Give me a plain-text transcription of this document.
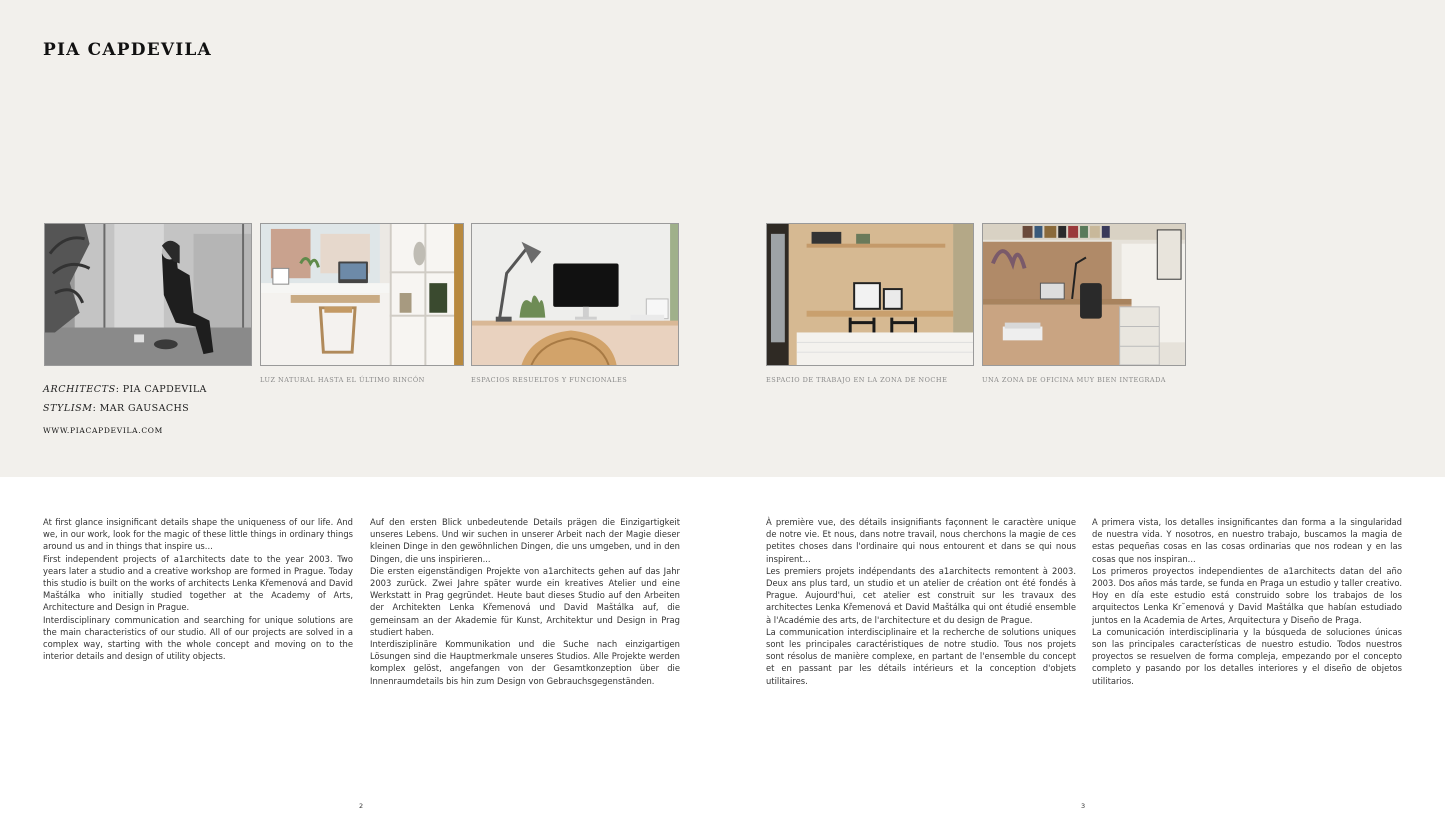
PIA CAPDEVILA
LUZ NATURAL HASTA EL ÚLTIMO RINCÓN	ESPACIOS RESUELTOS Y FUNCIONALES	ESPACIO DE TRABAJO EN LA ZONA DE NOCHE	UNA ZONA DE OFICINA MUY BIEN INTEGRADA
ARCHITECTS: PIA CAPDEVILA
STYLISM: MAR GAUSACHS
WWW.PIACAPDEVILA.COM

At first glance insignificant details shape the uniqueness of our life. And we, in our work, look for the magic of these little things in ordinary things around us and in things that inspire us...

First independent projects of a1architects date to the year 2003. Two years later a studio and a creative workshop are formed in Prague. Today this studio is built on the works of architects Lenka Křemenová and David Maštálka who initially studied together at the Academy of Arts, Architecture and Design in Prague.

Interdisciplinary communication and searching for unique solutions are the main characteristics of our studio. All of our projects are solved in a complex way, starting with the whole concept and moving on to the interior details and design of utility objects.

Auf den ersten Blick unbedeutende Details prägen die Einzigartigkeit unseres Lebens. Und wir suchen in unserer Arbeit nach der Magie dieser kleinen Dinge in den gewöhnlichen Dingen, die uns umgeben, und in den Dingen, die uns inspirieren...

Die ersten eigenständigen Projekte von a1architects gehen auf das Jahr 2003 zurück. Zwei Jahre später wurde ein kreatives Atelier und eine Werkstatt in Prag gegründet. Heute baut dieses Studio auf den Arbeiten der Architekten Lenka Křemenová und David Maštálka auf, die gemeinsam an der Akademie für Kunst, Architektur und Design in Prag studiert haben.

Interdisziplinäre Kommunikation und die Suche nach einzigartigen Lösungen sind die Hauptmerkmale unseres Studios. Alle Projekte werden komplex gelöst, angefangen von der Gesamtkonzeption über die Innenraumdetails bis hin zum Design von Gebrauchsgegenständen.

À première vue, des détails insignifiants façonnent le caractère unique de notre vie. Et nous, dans notre travail, nous cherchons la magie de ces petites choses dans l'ordinaire qui nous entourent et dans se qui nous inspirent...

Les premiers projets indépendants des a1architects remontent à 2003. Deux ans plus tard, un studio et un atelier de création ont été fondés à Prague. Aujourd'hui, cet atelier est construit sur les travaux des architectes Lenka Křemenová et David Maštálka qui ont étudié ensemble à l'Académie des arts, de l'architecture et du design de Prague.

La communication interdisciplinaire et la recherche de solutions uniques sont les principales caractéristiques de notre studio. Tous nos projets sont résolus de manière complexe, en partant de l'ensemble du concept et en passant par les détails intérieurs et la conception d'objets utilitaires.

A primera vista, los detalles insignificantes dan forma a la singularidad de nuestra vida. Y nosotros, en nuestro trabajo, buscamos la magia de estas pequeñas cosas en las cosas ordinarias que nos rodean y en las cosas que nos inspiran...

Los primeros proyectos independientes de a1architects datan del año 2003. Dos años más tarde, se funda en Praga un estudio y taller creativo. Hoy en día este estudio está construido sobre los trabajos de los arquitectos Lenka Kr˘emenová y David Maštálka que habían estudiado juntos en la Academia de Artes, Arquitectura y Diseño de Praga.

La comunicación interdisciplinaria y la búsqueda de soluciones únicas son las principales características de nuestro estudio. Todos nuestros proyectos se resuelven de forma compleja, empezando por el concepto completo y pasando por los detalles interiores y el diseño de objetos utilitarios.

2	3
